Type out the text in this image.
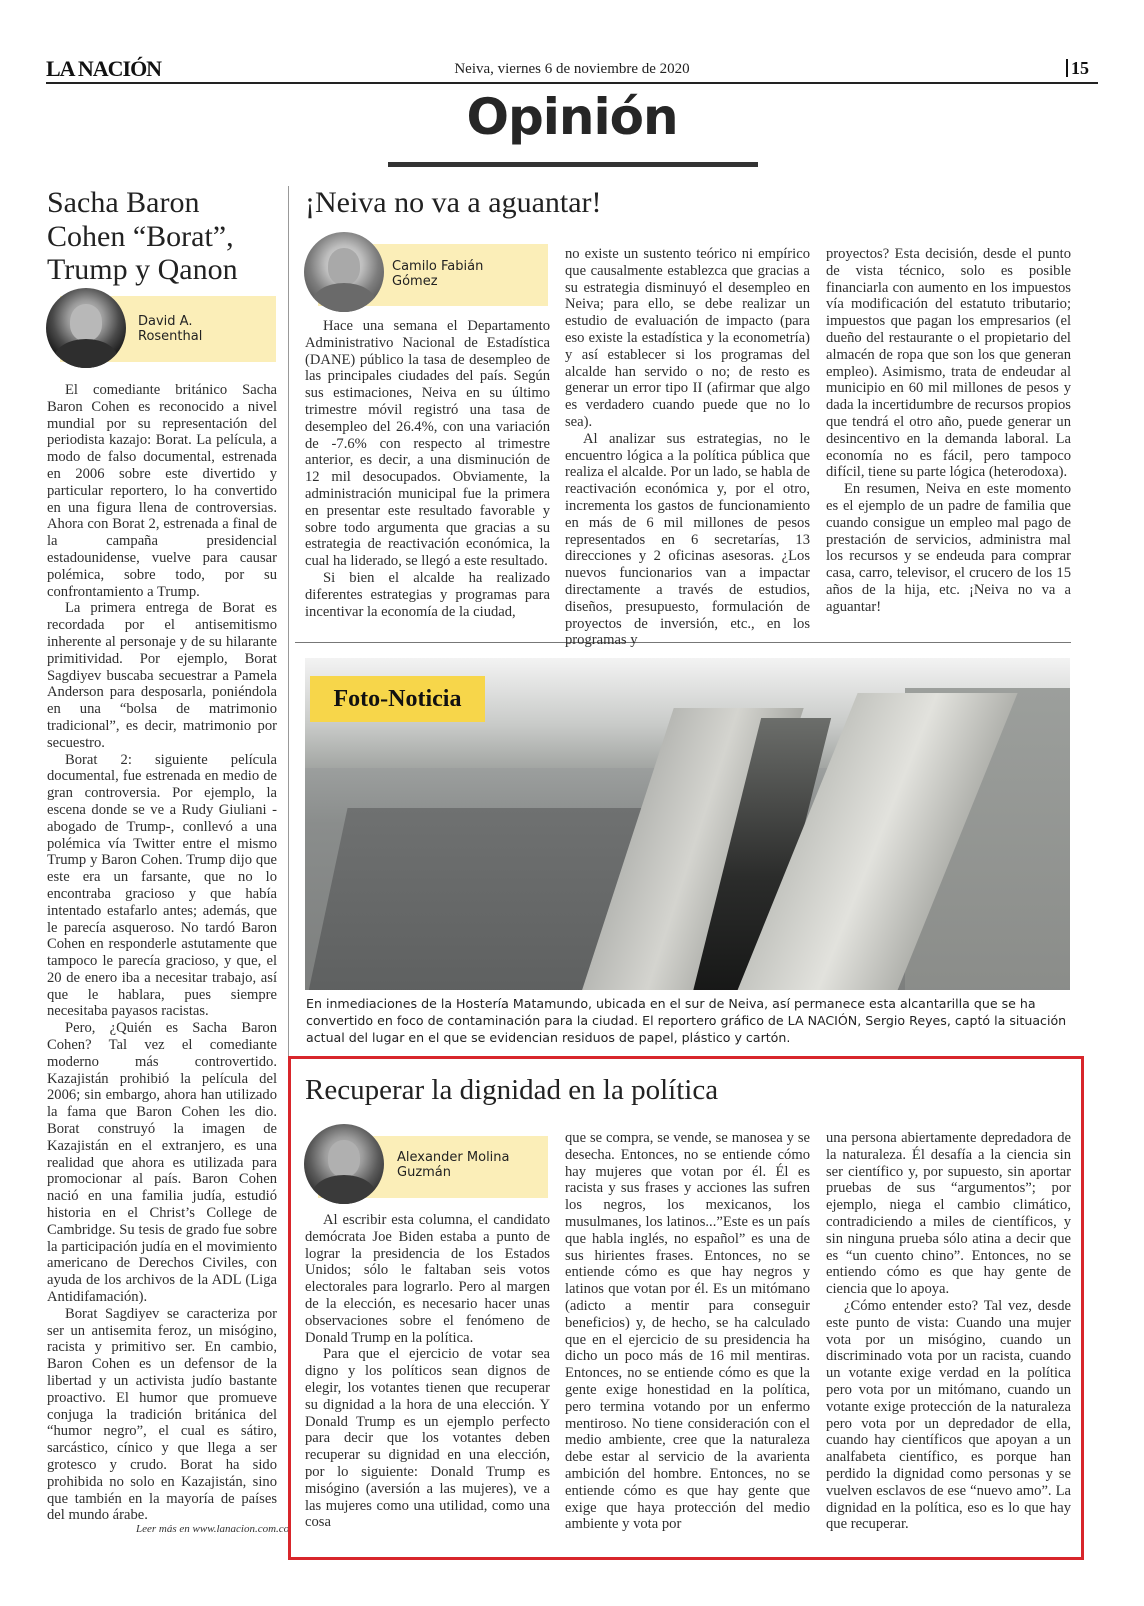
LA NACIÓN	Neiva, viernes 6 de noviembre de 2020	15
Opinión
Sacha Baron Cohen “Borat”, Trump y Qanon
David A.
Rosenthal

El comediante británico Sacha Baron Cohen es reconocido a nivel mundial por su representación del periodista kazajo: Borat. La película, a modo de falso documental, estrenada en 2006 sobre este divertido y particular reportero, lo ha convertido en una figura llena de controversias. Ahora con Borat 2, estrenada a final de la campaña presidencial estadounidense, vuelve para causar polémica, sobre todo, por su confrontamiento a Trump.

La primera entrega de Borat es recordada por el antisemitismo inherente al personaje y de su hilarante primitividad. Por ejemplo, Borat Sagdiyev buscaba secuestrar a Pamela Anderson para desposarla, poniéndola en una “bolsa de matrimonio tradicional”, es decir, matrimonio por secuestro.

Borat 2: siguiente película documental, fue estrenada en medio de gran controversia. Por ejemplo, la escena donde se ve a Rudy Giuliani -abogado de Trump-, conllevó a una polémica vía Twitter entre el mismo Trump y Baron Cohen. Trump dijo que este era un farsante, que no lo encontraba gracioso y que había intentado estafarlo antes; además, que le parecía asqueroso. No tardó Baron Cohen en responderle astutamente que tampoco le parecía gracioso, y que, el 20 de enero iba a necesitar trabajo, así que le hablara, pues siempre necesitaba payasos racistas.

Pero, ¿Quién es Sacha Baron Cohen? Tal vez el comediante moderno más controvertido. Kazajistán prohibió la película del 2006; sin embargo, ahora han utilizado la fama que Baron Cohen les dio. Borat construyó la imagen de Kazajistán en el extranjero, es una realidad que ahora es utilizada para promocionar al país. Baron Cohen nació en una familia judía, estudió historia en el Christ’s College de Cambridge. Su tesis de grado fue sobre la participación judía en el movimiento americano de Derechos Civiles, con ayuda de los archivos de la ADL (Liga Antidifamación).

Borat Sagdiyev se caracteriza por ser un antisemita feroz, un misógino, racista y primitivo ser. En cambio, Baron Cohen es un defensor de la libertad y un activista judío bastante proactivo. El humor que promueve conjuga la tradición británica del “humor negro”, el cual es sátiro, sarcástico, cínico y que llega a ser grotesco y crudo. Borat ha sido prohibida no solo en Kazajistán, sino que también en la mayoría de países del mundo árabe.

Leer más en www.lanacion.com.co
¡Neiva no va a aguantar!
Camilo Fabián
Gómez

Hace una semana el Departamento Administrativo Nacional de Estadística (DANE) público la tasa de desempleo de las principales ciudades del país. Según sus estimaciones, Neiva en su último trimestre móvil registró una tasa de desempleo del 26.4%, con una variación de -7.6% con respecto al trimestre anterior, es decir, a una disminución de 12 mil desocupados. Obviamente, la administración municipal fue la primera en presentar este resultado favorable y sobre todo argumenta que gracias a su estrategia de reactivación económica, la cual ha liderado, se llegó a este resultado.

Si bien el alcalde ha realizado diferentes estrategias y programas para incentivar la economía de la ciudad,

no existe un sustento teórico ni empírico que causalmente establezca que gracias a su estrategia disminuyó el desempleo en Neiva; para ello, se debe realizar un estudio de evaluación de impacto (para eso existe la estadística y la econometría) y así establecer si los programas del alcalde han servido o no; de resto es generar un error tipo II (afirmar que algo es verdadero cuando puede que no lo sea).

Al analizar sus estrategias, no le encuentro lógica a la política pública que realiza el alcalde. Por un lado, se habla de reactivación económica y, por el otro, incrementa los gastos de funcionamiento en más de 6 mil millones de pesos representados en 6 secretarías, 13 direcciones y 2 oficinas asesoras. ¿Los nuevos funcionarios van a impactar directamente a través de estudios, diseños, presupuesto, formulación de proyectos de inversión, etc., en los programas y

proyectos? Esta decisión, desde el punto de vista técnico, solo es posible financiarla con aumento en los impuestos vía modificación del estatuto tributario; impuestos que pagan los empresarios (el dueño del restaurante o el propietario del almacén de ropa que son los que generan empleo). Asimismo, trata de endeudar al municipio en 60 mil millones de pesos y dada la incertidumbre de recursos propios que tendrá el otro año, puede generar un desincentivo en la demanda laboral. La economía no es fácil, pero tampoco difícil, tiene su parte lógica (heterodoxa).

En resumen, Neiva en este momento es el ejemplo de un padre de familia que cuando consigue un empleo mal pago de prestación de servicios, administra mal los recursos y se endeuda para comprar casa, carro, televisor, el crucero de los 15 años de la hija, etc. ¡Neiva no va a aguantar!

Foto-Noticia
En inmediaciones de la Hostería Matamundo, ubicada en el sur de Neiva, así permanece esta alcantarilla que se ha convertido en foco de contaminación para la ciudad. El reportero gráfico de LA NACIÓN, Sergio Reyes, captó la situación actual del lugar en el que se evidencian residuos de papel, plástico y cartón.
Recuperar la dignidad en la política
Alexander Molina
Guzmán

Al escribir esta columna, el candidato demócrata Joe Biden estaba a punto de lograr la presidencia de los Estados Unidos; sólo le faltaban seis votos electorales para lograrlo. Pero al margen de la elección, es necesario hacer unas observaciones sobre el fenómeno de Donald Trump en la política.

Para que el ejercicio de votar sea digno y los políticos sean dignos de elegir, los votantes tienen que recuperar su dignidad a la hora de una elección. Y Donald Trump es un ejemplo perfecto para decir que los votantes deben recuperar su dignidad en una elección, por lo siguiente: Donald Trump es misógino (aversión a las mujeres), ve a las mujeres como una utilidad, como una cosa

que se compra, se vende, se manosea y se desecha. Entonces, no se entiende cómo hay mujeres que votan por él. Él es racista y sus frases y acciones las sufren los negros, los mexicanos, los musulmanes, los latinos...”Este es un país que habla inglés, no español” es una de sus hirientes frases. Entonces, no se entiende cómo es que hay negros y latinos que votan por él. Es un mitómano (adicto a mentir para conseguir beneficios) y, de hecho, se ha calculado que en el ejercicio de su presidencia ha dicho un poco más de 16 mil mentiras. Entonces, no se entiende cómo es que la gente exige honestidad en la política, pero termina votando por un enfermo mentiroso. No tiene consideración con el medio ambiente, cree que la naturaleza debe estar al servicio de la avarienta ambición del hombre. Entonces, no se entiende cómo es que hay gente que exige que haya protección del medio ambiente y vota por

una persona abiertamente depredadora de la naturaleza. Él desafía a la ciencia sin ser científico y, por supuesto, sin aportar pruebas de sus “argumentos”; por ejemplo, niega el cambio climático, contradiciendo a miles de científicos, y sin ninguna prueba sólo atina a decir que es “un cuento chino”. Entonces, no se entiendo cómo es que hay gente de ciencia que lo apoya.

¿Cómo entender esto? Tal vez, desde este punto de vista: Cuando una mujer vota por un misógino, cuando un discriminado vota por un racista, cuando un votante exige verdad en la política pero vota por un mitómano, cuando un votante exige protección de la naturaleza pero vota por un depredador de ella, cuando hay científicos que apoyan a un analfabeta científico, es porque han perdido la dignidad como personas y se vuelven esclavos de ese “nuevo amo”. La dignidad en la política, eso es lo que hay que recuperar.
